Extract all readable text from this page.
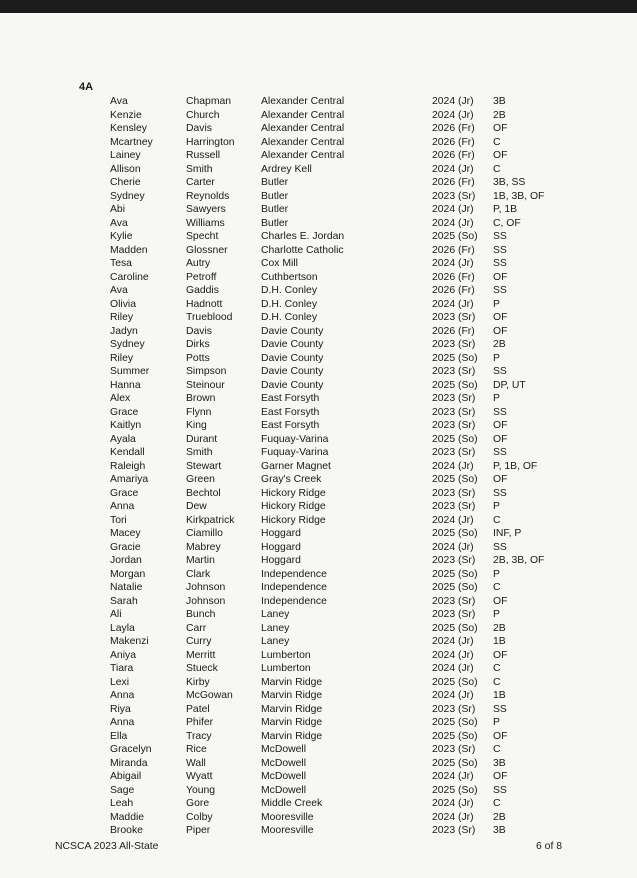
4A
Ava	Chapman	Alexander Central	2024 (Jr) 3B
Kenzie	Church	Alexander Central	2024 (Jr) 2B
Kensley	Davis	Alexander Central	2026 (Fr) OF
Mcartney	Harrington	Alexander Central	2026 (Fr) C
Lainey	Russell	Alexander Central	2026 (Fr) OF
Allison	Smith	Ardrey Kell	2024 (Jr) C
Cherie	Carter	Butler	2026 (Fr) 3B, SS
Sydney	Reynolds	Butler	2023 (Sr) 1B, 3B, OF
Abi	Sawyers	Butler	2024 (Jr) P, 1B
Ava	Williams	Butler	2024 (Jr) C, OF
Kylie	Specht	Charles E. Jordan	2025 (So) SS
Madden	Glossner	Charlotte Catholic	2026 (Fr) SS
Tesa	Autry	Cox Mill	2024 (Jr) SS
Caroline	Petroff	Cuthbertson	2026 (Fr) OF
Ava	Gaddis	D.H. Conley	2026 (Fr) SS
Olivia	Hadnott	D.H. Conley	2024 (Jr) P
Riley	Trueblood	D.H. Conley	2023 (Sr) OF
Jadyn	Davis	Davie County	2026 (Fr) OF
Sydney	Dirks	Davie County	2023 (Sr) 2B
Riley	Potts	Davie County	2025 (So) P
Summer	Simpson	Davie County	2023 (Sr) SS
Hanna	Steinour	Davie County	2025 (So) DP, UT
Alex	Brown	East Forsyth	2023 (Sr) P
Grace	Flynn	East Forsyth	2023 (Sr) SS
Kaitlyn	King	East Forsyth	2023 (Sr) OF
Ayala	Durant	Fuquay-Varina	2025 (So) OF
Kendall	Smith	Fuquay-Varina	2023 (Sr) SS
Raleigh	Stewart	Garner Magnet	2024 (Jr) P, 1B, OF
Amariya	Green	Gray's Creek	2025 (So) OF
Grace	Bechtol	Hickory Ridge	2023 (Sr) SS
Anna	Dew	Hickory Ridge	2023 (Sr) P
Tori	Kirkpatrick	Hickory Ridge	2024 (Jr) C
Macey	Ciamillo	Hoggard	2025 (So) INF, P
Gracie	Mabrey	Hoggard	2024 (Jr) SS
Jordan	Martin	Hoggard	2023 (Sr) 2B, 3B, OF
Morgan	Clark	Independence	2025 (So) P
Natalie	Johnson	Independence	2025 (So) C
Sarah	Johnson	Independence	2023 (Sr) OF
Ali	Bunch	Laney	2023 (Sr) P
Layla	Carr	Laney	2025 (So) 2B
Makenzi	Curry	Laney	2024 (Jr) 1B
Aniya	Merritt	Lumberton	2024 (Jr) OF
Tiara	Stueck	Lumberton	2024 (Jr) C
Lexi	Kirby	Marvin Ridge	2025 (So) C
Anna	McGowan	Marvin Ridge	2024 (Jr) 1B
Riya	Patel	Marvin Ridge	2023 (Sr) SS
Anna	Phifer	Marvin Ridge	2025 (So) P
Ella	Tracy	Marvin Ridge	2025 (So) OF
Gracelyn	Rice	McDowell	2023 (Sr) C
Miranda	Wall	McDowell	2025 (So) 3B
Abigail	Wyatt	McDowell	2024 (Jr) OF
Sage	Young	McDowell	2025 (So) SS
Leah	Gore	Middle Creek	2024 (Jr) C
Maddie	Colby	Mooresville	2024 (Jr) 2B
Brooke	Piper	Mooresville	2023 (Sr) 3B
NCSCA 2023 All-State	6 of 8
